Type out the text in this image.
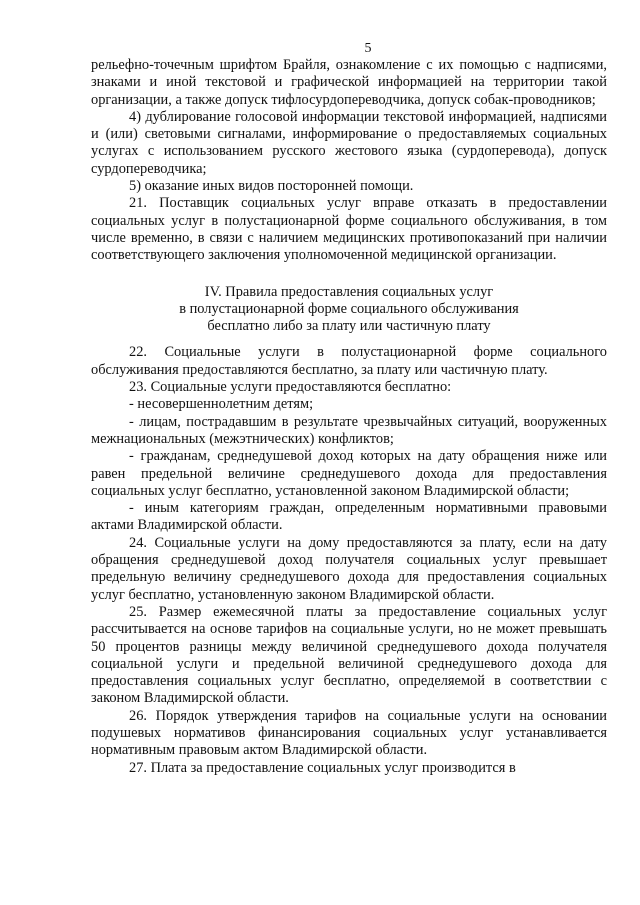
5

рельефно-точечным шрифтом Брайля, ознакомление с их помощью с надписями, знаками и иной текстовой и графической информацией на территории такой организации, а также допуск тифлосурдопереводчика, допуск собак-проводников;

4) дублирование голосовой информации текстовой информацией, надписями и (или) световыми сигналами, информирование о предоставляемых социальных услугах с использованием русского жестового языка (сурдоперевода), допуск сурдопереводчика;

5) оказание иных видов посторонней помощи.

21. Поставщик социальных услуг вправе отказать в предоставлении социальных услуг в полустационарной форме социального обслуживания, в том числе временно, в связи с наличием медицинских противопоказаний при наличии соответствующего заключения уполномоченной медицинской организации.

IV. Правила предоставления социальных услуг
в полустационарной форме социального обслуживания
бесплатно либо за плату или частичную плату

22. Социальные услуги в полустационарной форме социального обслуживания предоставляются бесплатно, за плату или частичную плату.

23. Социальные услуги предоставляются бесплатно:

- несовершеннолетним детям;

- лицам, пострадавшим в результате чрезвычайных ситуаций, вооруженных межнациональных (межэтнических) конфликтов;

- гражданам, среднедушевой доход которых на дату обращения ниже или равен предельной величине среднедушевого дохода для предоставления социальных услуг бесплатно, установленной законом Владимирской области;

- иным категориям граждан, определенным нормативными правовыми актами Владимирской области.

24. Социальные услуги на дому предоставляются за плату, если на дату обращения среднедушевой доход получателя социальных услуг превышает предельную величину среднедушевого дохода для предоставления социальных услуг бесплатно, установленную законом Владимирской области.

25. Размер ежемесячной платы за предоставление социальных услуг рассчитывается на основе тарифов на социальные услуги, но не может превышать 50 процентов разницы между величиной среднедушевого дохода получателя социальной услуги и предельной величиной среднедушевого дохода для предоставления социальных услуг бесплатно, определяемой в соответствии с законом Владимирской области.

26. Порядок утверждения тарифов на социальные услуги на основании подушевых нормативов финансирования социальных услуг устанавливается нормативным правовым актом Владимирской области.

27. Плата за предоставление социальных услуг производится в
